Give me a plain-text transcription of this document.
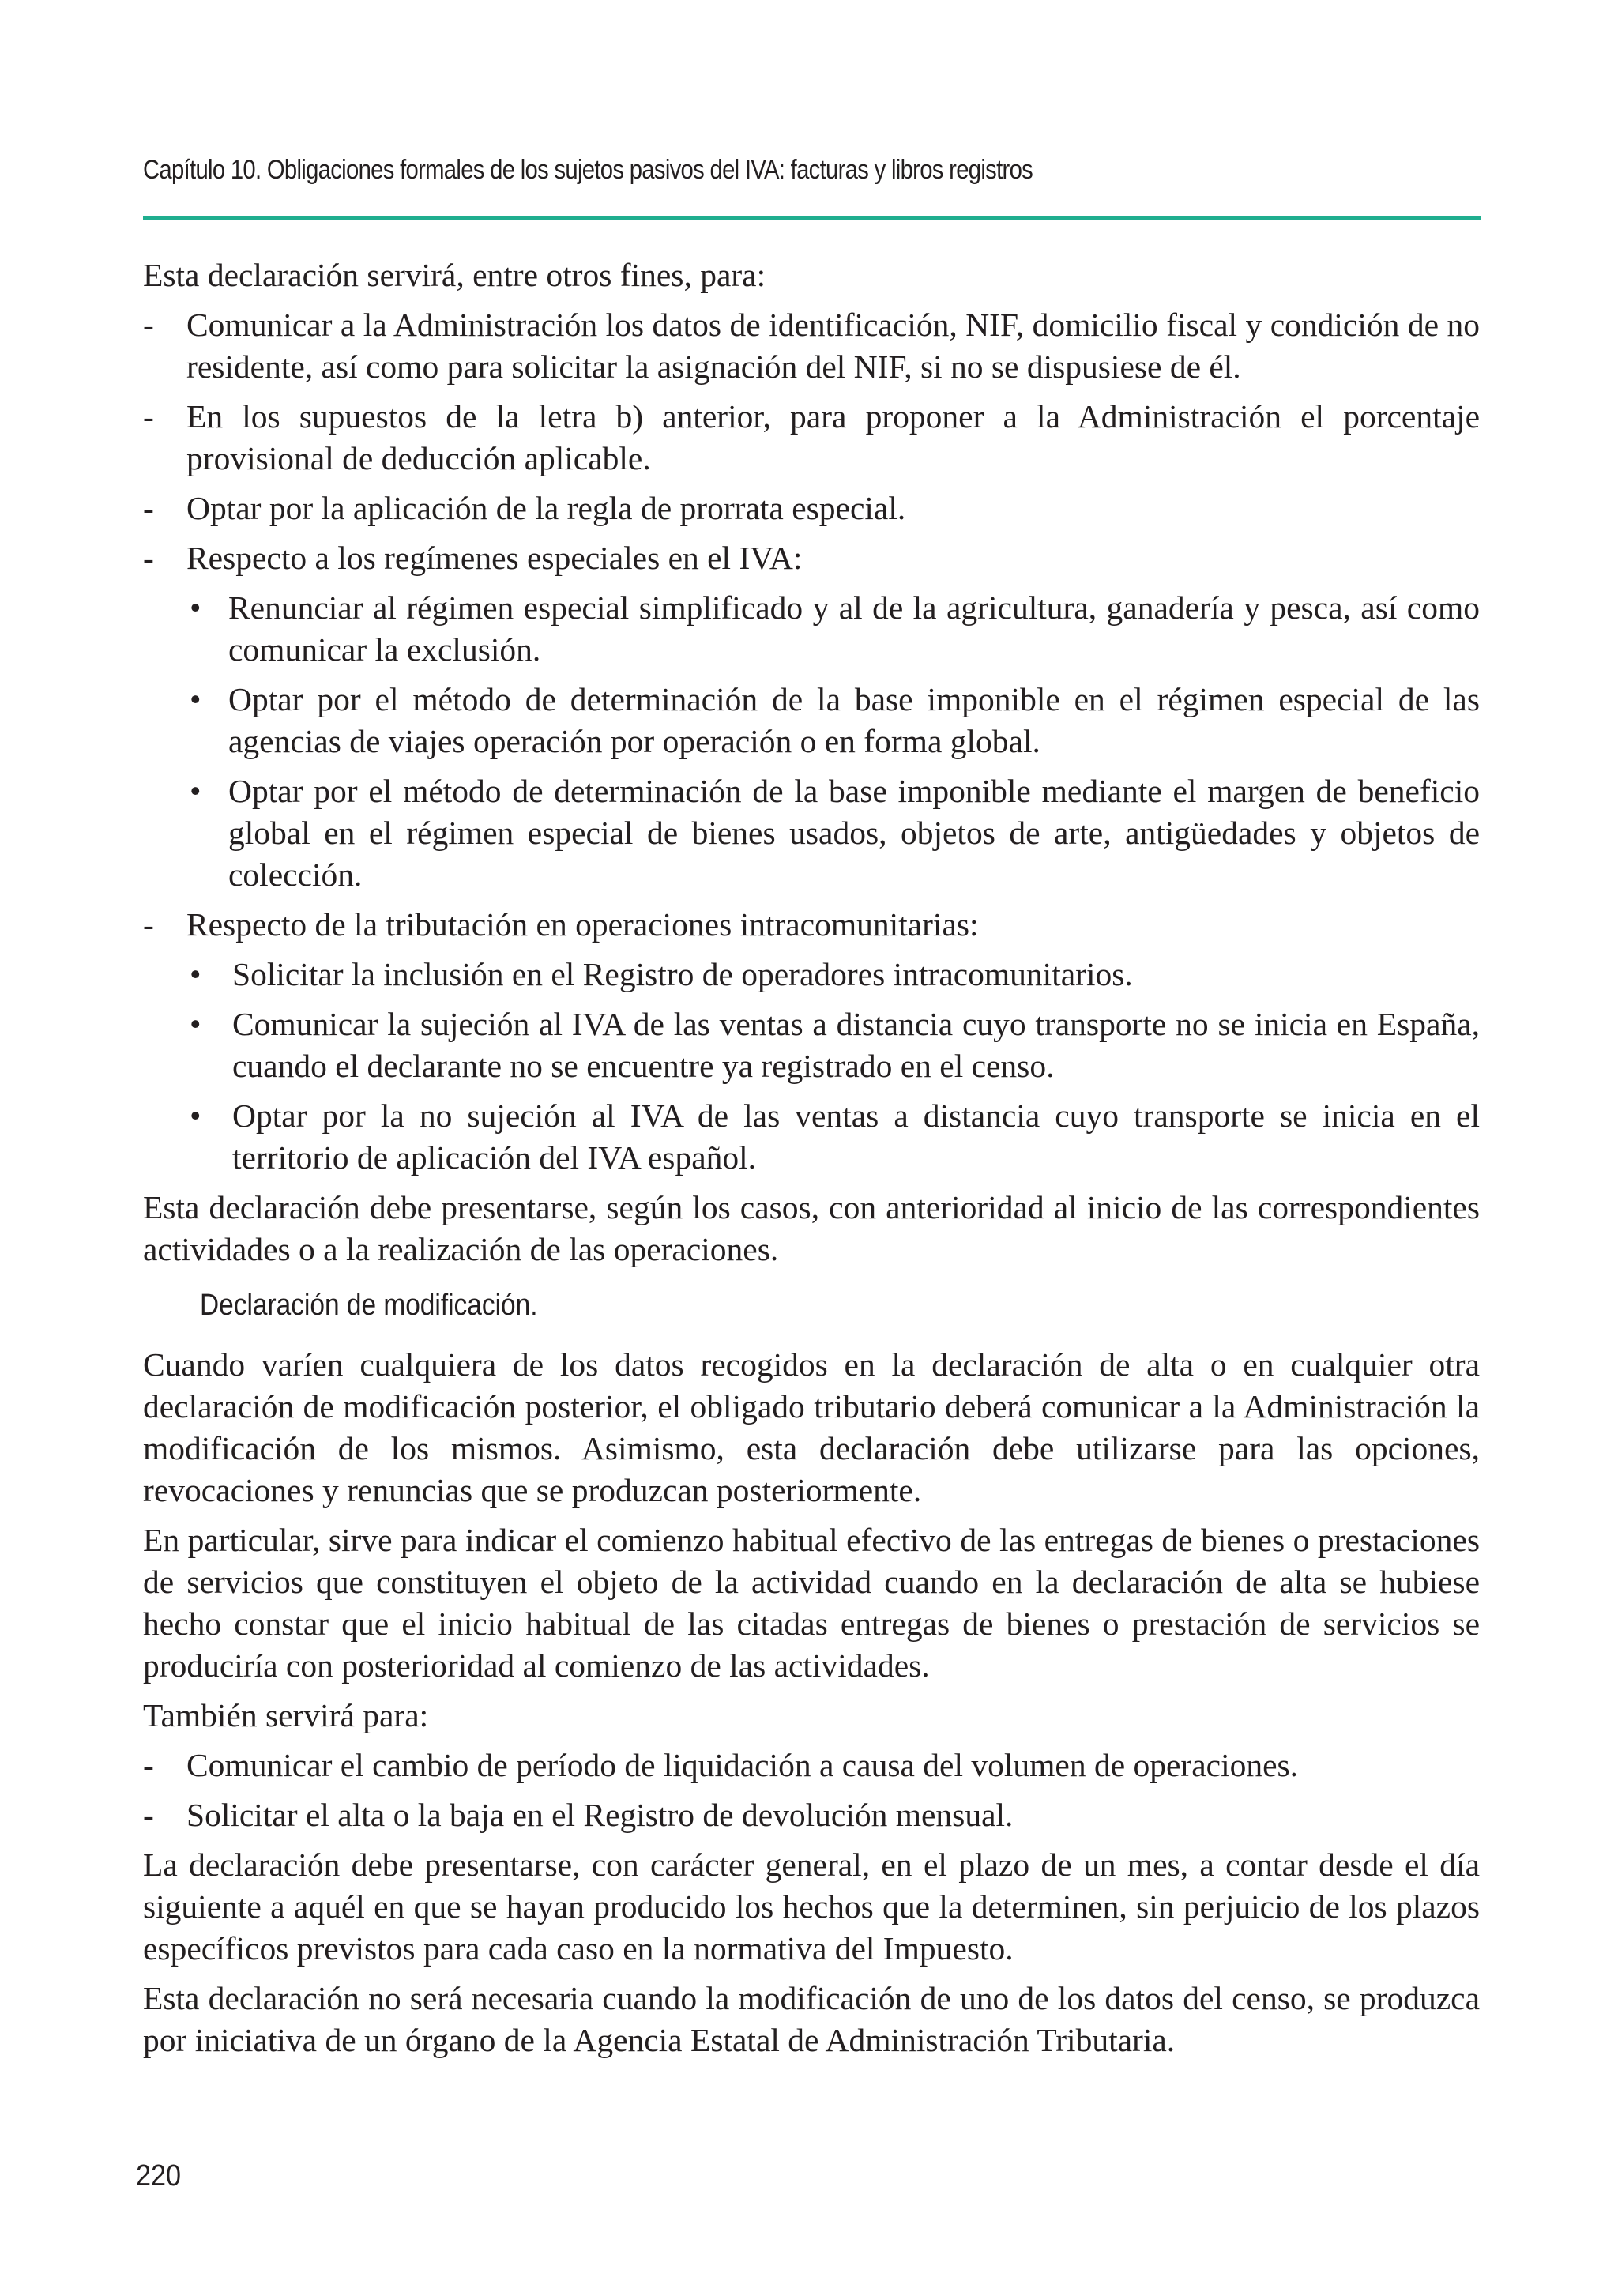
Capítulo 10. Obligaciones formales de los sujetos pasivos del IVA: facturas y libros registros

Esta declaración servirá, entre otros fines, para:

- Comunicar a la Administración los datos de identificación, NIF, domicilio fiscal y condición de no residente, así como para solicitar la asignación del NIF, si no se dispusiese de él.
- En los supuestos de la letra b) anterior, para proponer a la Administración el porcentaje provisional de deducción aplicable.
- Optar por la aplicación de la regla de prorrata especial.
- Respecto a los regímenes especiales en el IVA:
• Renunciar al régimen especial simplificado y al de la agricultura, ganadería y pesca, así como comunicar la exclusión.
• Optar por el método de determinación de la base imponible en el régimen especial de las agencias de viajes operación por operación o en forma global.
• Optar por el método de determinación de la base imponible mediante el margen de beneficio global en el régimen especial de bienes usados, objetos de arte, antigüedades y objetos de colección.
- Respecto de la tributación en operaciones intracomunitarias:
• Solicitar la inclusión en el Registro de operadores intracomunitarios.
• Comunicar la sujeción al IVA de las ventas a distancia cuyo transporte no se inicia en España, cuando el declarante no se encuentre ya registrado en el censo.
• Optar por la no sujeción al IVA de las ventas a distancia cuyo transporte se inicia en el territorio de aplicación del IVA español.

Esta declaración debe presentarse, según los casos, con anterioridad al inicio de las correspondientes actividades o a la realización de las operaciones.

Declaración de modificación.

Cuando varíen cualquiera de los datos recogidos en la declaración de alta o en cualquier otra declaración de modificación posterior, el obligado tributario deberá comunicar a la Administración la modificación de los mismos. Asimismo, esta declaración debe utilizarse para las opciones, revocaciones y renuncias que se produzcan posteriormente.

En particular, sirve para indicar el comienzo habitual efectivo de las entregas de bienes o prestaciones de servicios que constituyen el objeto de la actividad cuando en la declaración de alta se hubiese hecho constar que el inicio habitual de las citadas entregas de bienes o prestación de servicios se produciría con posterioridad al comienzo de las actividades.

También servirá para:

- Comunicar el cambio de período de liquidación a causa del volumen de operaciones.
- Solicitar el alta o la baja en el Registro de devolución mensual.

La declaración debe presentarse, con carácter general, en el plazo de un mes, a contar desde el día siguiente a aquél en que se hayan producido los hechos que la determinen, sin perjuicio de los plazos específicos previstos para cada caso en la normativa del Impuesto.

Esta declaración no será necesaria cuando la modificación de uno de los datos del censo, se produzca por iniciativa de un órgano de la Agencia Estatal de Administración Tributaria.

220
